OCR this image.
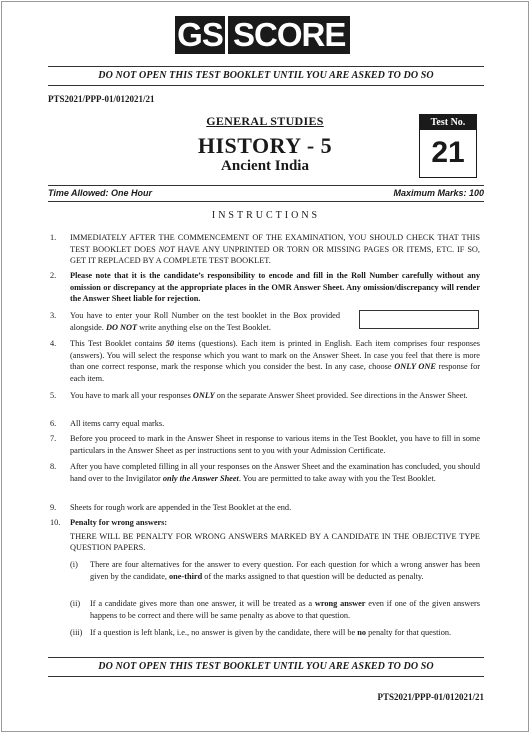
GS SCORE
DO NOT OPEN THIS TEST BOOKLET UNTIL YOU ARE ASKED TO DO SO
PTS2021/PPP-01/012021/21
GENERAL STUDIES
HISTORY - 5
Ancient India
Test No.
21
Time Allowed: One Hour	Maximum Marks: 100
INSTRUCTIONS
1. IMMEDIATELY AFTER THE COMMENCEMENT OF THE EXAMINATION, YOU SHOULD CHECK THAT THIS TEST BOOKLET DOES NOT HAVE ANY UNPRINTED OR TORN OR MISSING PAGES OR ITEMS, ETC. IF SO, GET IT REPLACED BY A COMPLETE TEST BOOKLET.
2. Please note that it is the candidate’s responsibility to encode and fill in the Roll Number carefully without any omission or discrepancy at the appropriate places in the OMR Answer Sheet. Any omission/discrepancy will render the Answer Sheet liable for rejection.
3. You have to enter your Roll Number on the test booklet in the Box provided alongside. DO NOT write anything else on the Test Booklet.
4. This Test Booklet contains 50 items (questions). Each item is printed in English. Each item comprises four responses (answers). You will select the response which you want to mark on the Answer Sheet. In case you feel that there is more than one correct response, mark the response which you consider the best. In any case, choose ONLY ONE response for each item.
5. You have to mark all your responses ONLY on the separate Answer Sheet provided. See directions in the Answer Sheet.
6. All items carry equal marks.
7. Before you proceed to mark in the Answer Sheet in response to various items in the Test Booklet, you have to fill in some particulars in the Answer Sheet as per instructions sent to you with your Admission Certificate.
8. After you have completed filling in all your responses on the Answer Sheet and the examination has concluded, you should hand over to the Invigilator only the Answer Sheet. You are permitted to take away with you the Test Booklet.
9. Sheets for rough work are appended in the Test Booklet at the end.
10. Penalty for wrong answers:
THERE WILL BE PENALTY FOR WRONG ANSWERS MARKED BY A CANDIDATE IN THE OBJECTIVE TYPE QUESTION PAPERS.
(i) There are four alternatives for the answer to every question. For each question for which a wrong answer has been given by the candidate, one-third of the marks assigned to that question will be deducted as penalty.
(ii) If a candidate gives more than one answer, it will be treated as a wrong answer even if one of the given answers happens to be correct and there will be same penalty as above to that question.
(iii) If a question is left blank, i.e., no answer is given by the candidate, there will be no penalty for that question.
DO NOT OPEN THIS TEST BOOKLET UNTIL YOU ARE ASKED TO DO SO
PTS2021/PPP-01/012021/21
